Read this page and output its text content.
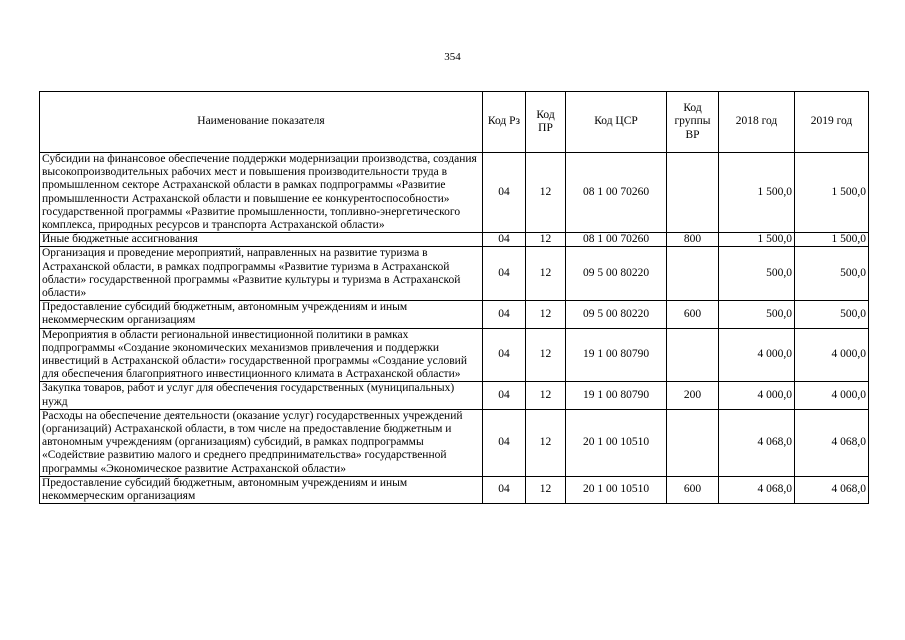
354
Наименование показателя	Код Рз	Код ПР	Код ЦСР	Код группы ВР	2018 год	2019 год
Субсидии на финансовое обеспечение поддержки модернизации производства, создания высокопроизводительных рабочих мест и повышения производительности труда в промышленном секторе Астраханской области в рамках подпрограммы «Развитие промышленности Астраханской области и повышение ее конкурентоспособности» государственной программы «Развитие промышленности, топливно-энергетического комплекса, природных ресурсов и транспорта Астраханской области»	04	12	08 1 00 70260		1 500,0	1 500,0
Иные бюджетные ассигнования	04	12	08 1 00 70260	800	1 500,0	1 500,0
Организация и проведение мероприятий, направленных на развитие туризма в Астраханской области, в рамках подпрограммы «Развитие туризма в Астраханской области» государственной программы «Развитие культуры и туризма в Астраханской области»	04	12	09 5 00 80220		500,0	500,0
Предоставление субсидий бюджетным, автономным учреждениям и иным некоммерческим организациям	04	12	09 5 00 80220	600	500,0	500,0
Мероприятия в области региональной инвестиционной политики в рамках подпрограммы «Создание экономических механизмов привлечения и поддержки инвестиций в Астраханской области» государственной программы «Создание условий для обеспечения благоприятного инвестиционного климата в Астраханской области»	04	12	19 1 00 80790		4 000,0	4 000,0
Закупка товаров, работ и услуг для обеспечения государственных (муниципальных) нужд	04	12	19 1 00 80790	200	4 000,0	4 000,0
Расходы на обеспечение деятельности (оказание услуг) государственных учреждений (организаций) Астраханской области, в том числе на предоставление бюджетным и автономным учреждениям (организациям) субсидий, в рамках подпрограммы «Содействие развитию малого и среднего предпринимательства» государственной программы «Экономическое развитие Астраханской области»	04	12	20 1 00 10510		4 068,0	4 068,0
Предоставление субсидий бюджетным, автономным учреждениям и иным некоммерческим организациям	04	12	20 1 00 10510	600	4 068,0	4 068,0
